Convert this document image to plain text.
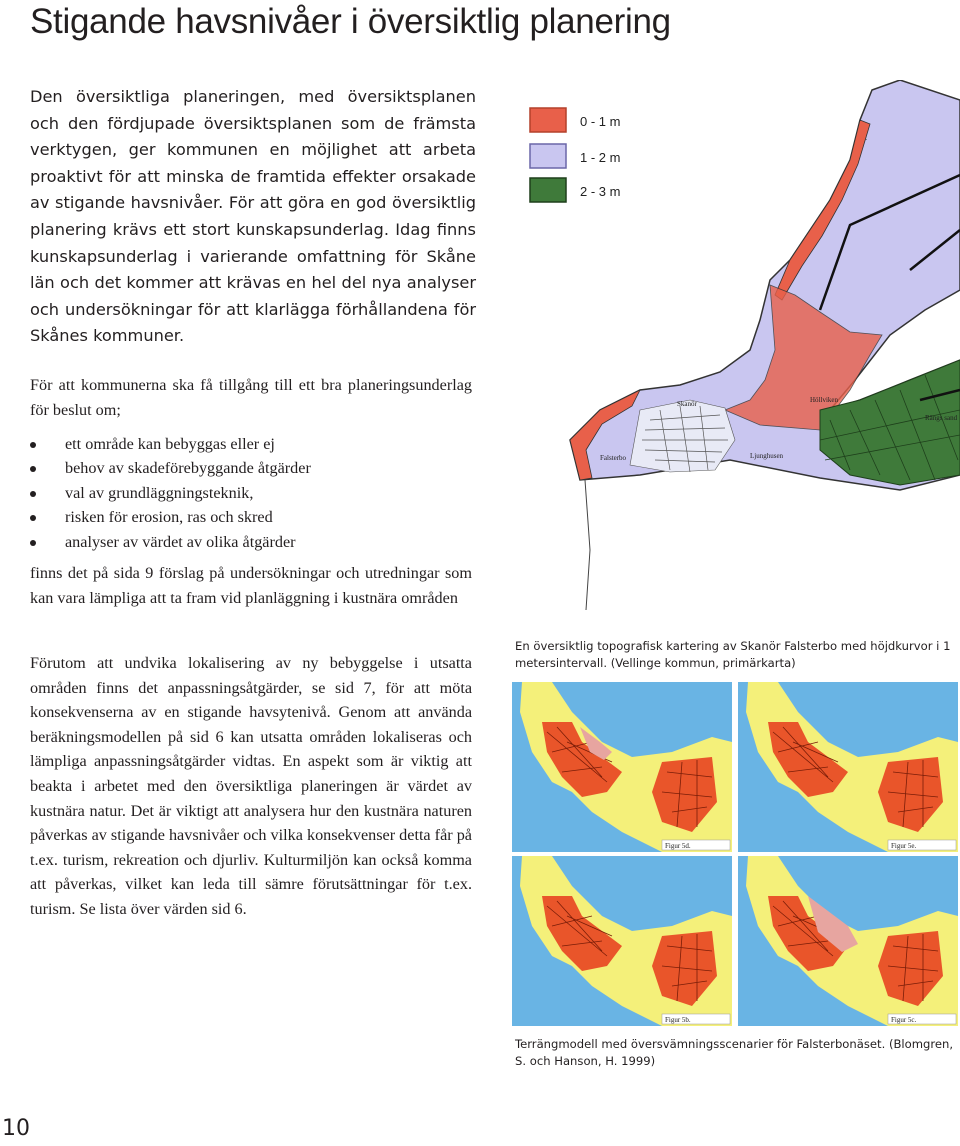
Stigande havsnivåer i översiktlig planering

Den översiktliga planeringen, med översiktsplanen och den fördjupade översiktsplanen som de främsta verktygen, ger kommunen en möjlighet att arbeta proaktivt för att minska de framtida effekter orsakade av stigande havsnivåer. För att göra en god översiktlig planering krävs ett stort kunskapsunderlag. Idag finns kunskapsunderlag i varierande omfattning för Skåne län och det kommer att krävas en hel del nya analyser och undersökningar för att klarlägga förhållandena för Skånes kommuner.

För att kommunerna ska få tillgång till ett bra planeringsunderlag för beslut om;

ett område kan bebyggas eller ej
behov av skadeförebyggande åtgärder
val av grundläggningsteknik,
risken för erosion, ras och skred
analyser av värdet av olika åtgärder

finns det på sida 9 förslag på undersökningar och utredningar som kan vara lämpliga att ta fram vid planläggning i kustnära områden

Förutom att undvika lokalisering av ny bebyggelse i utsatta områden finns det anpassningsåtgärder, se sid 7, för att möta konsekvenserna av en stigande havsytenivå. Genom att använda beräkningsmodellen på sid 6 kan utsatta områden lokaliseras och lämpliga anpassningsåtgärder vidtas. En aspekt som är viktig att beakta i arbetet med den översiktliga planeringen är värdet av kustnära natur. Det är viktigt att analysera hur den kustnära naturen påverkas av stigande havsnivåer och vilka konsekvenser detta får på t.ex. turism, rekreation och djurliv. Kulturmiljön kan också komma att påverkas, vilket kan leda till sämre förutsättningar för t.ex. turism. Se lista över värden sid 6.

0 - 1 m
1 - 2 m
2 - 3 m
·
Skanör
Falsterbo	Ljunghusen
Höllviken
Rängs sand

En översiktlig topografisk kartering av Skanör Falsterbo med höjdkurvor i 1 metersintervall. (Vellinge kommun, primärkarta)

Figur 5d.	Figur 5e.
Figur 5b.	Figur 5c.

Terrängmodell med översvämningsscenarier för Falsterbonäset. (Blomgren, S. och Hanson, H. 1999)

10
